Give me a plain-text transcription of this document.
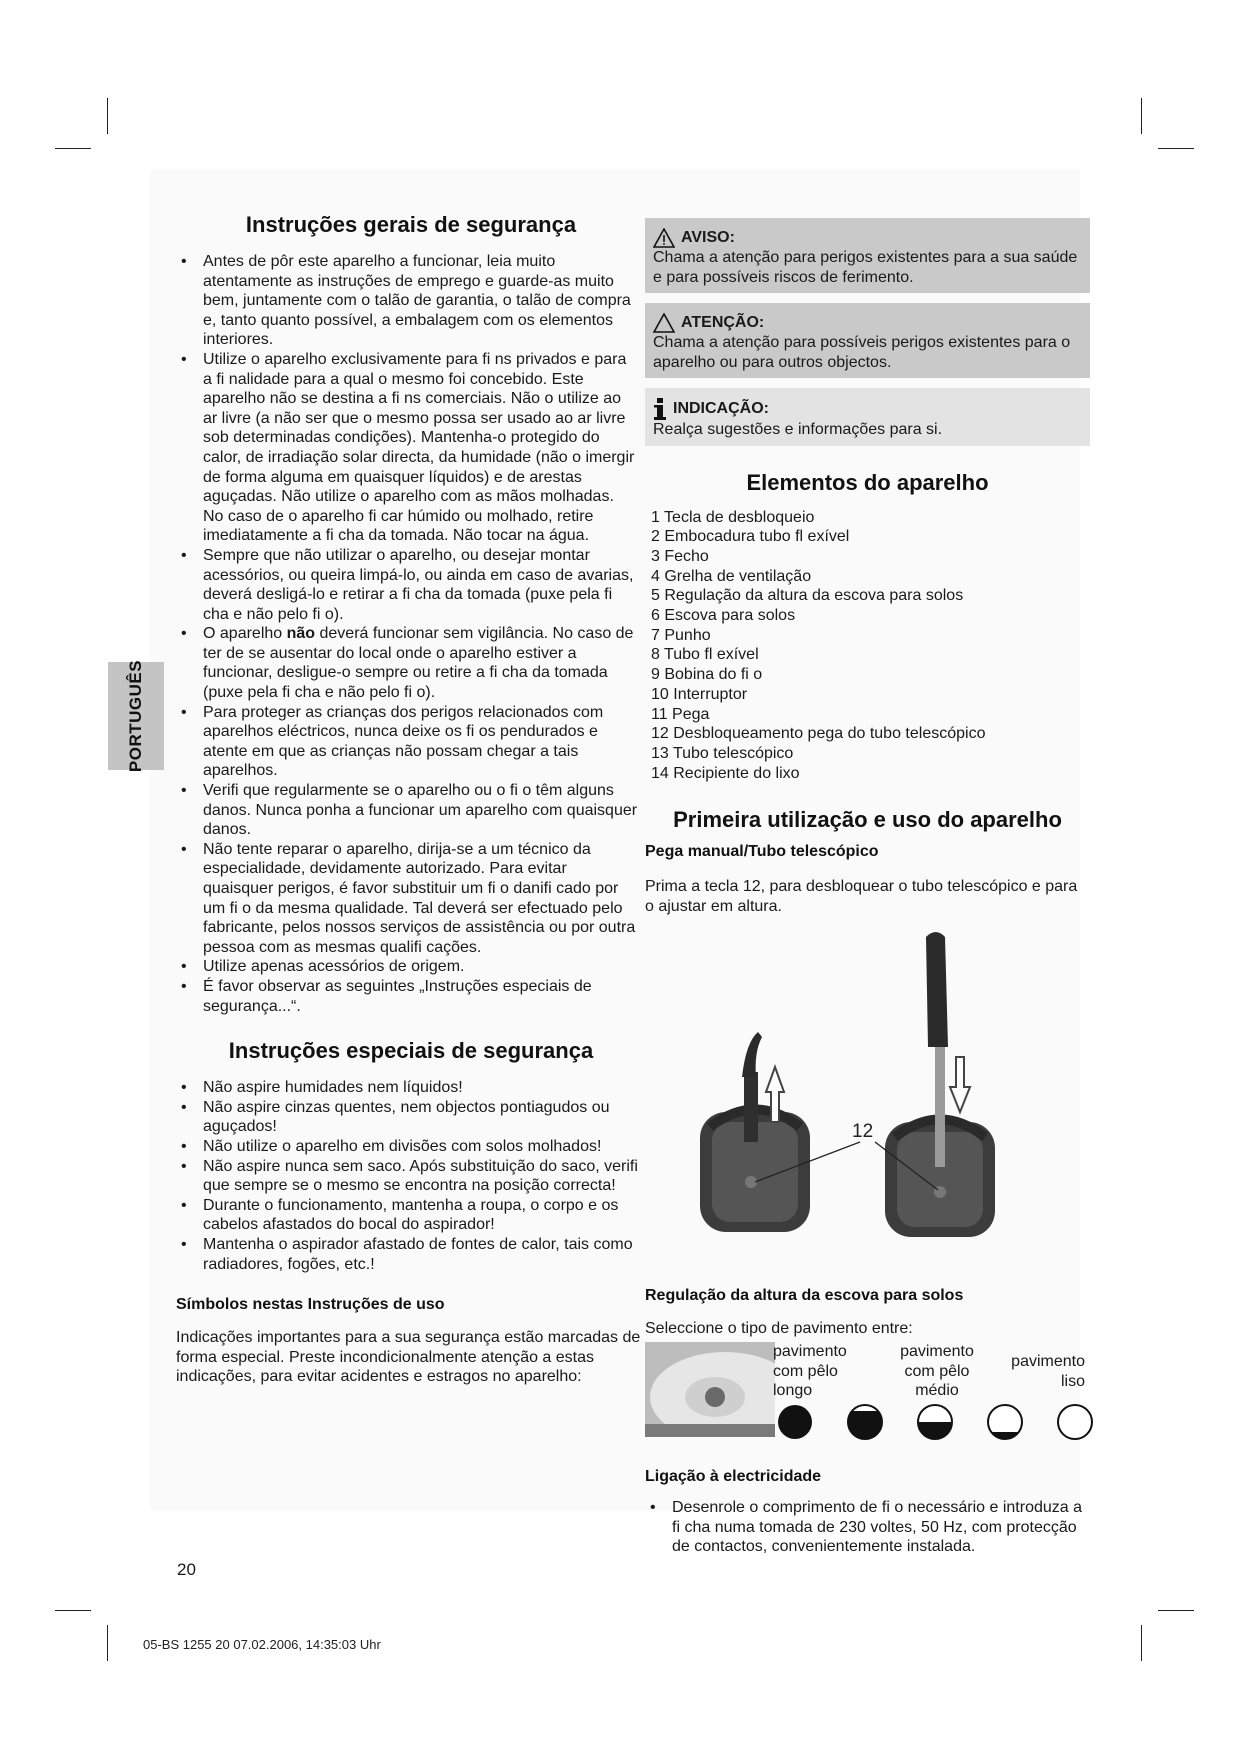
PORTUGUÊS
Instruções gerais de segurança
• Antes de pôr este aparelho a funcionar, leia muito atentamente as instruções de emprego e guarde-as muito bem, juntamente com o talão de garantia, o talão de compra e, tanto quanto possível, a embalagem com os elementos interiores.
• Utilize o aparelho exclusivamente para fi ns privados e para a fi nalidade para a qual o mesmo foi concebido. Este aparelho não se destina a fi ns comerciais. Não o utilize ao ar livre (a não ser que o mesmo possa ser usado ao ar livre sob determinadas condições). Mantenha-o protegido do calor, de irradiação solar directa, da humidade (não o imergir de forma alguma em quaisquer líquidos) e de arestas aguçadas. Não utilize o aparelho com as mãos molhadas. No caso de o aparelho fi car húmido ou molhado, retire imediatamente a fi cha da tomada. Não tocar na água.
• Sempre que não utilizar o aparelho, ou desejar montar acessórios, ou queira limpá-lo, ou ainda em caso de avarias, deverá desligá-lo e retirar a fi cha da tomada (puxe pela fi cha e não pelo fi o).
• O aparelho não deverá funcionar sem vigilância. No caso de ter de se ausentar do local onde o aparelho estiver a funcionar, desligue-o sempre ou retire a fi cha da tomada (puxe pela fi cha e não pelo fi o).
• Para proteger as crianças dos perigos relacionados com aparelhos eléctricos, nunca deixe os fi os pendurados e atente em que as crianças não possam chegar a tais aparelhos.
• Verifi que regularmente se o aparelho ou o fi o têm alguns danos. Nunca ponha a funcionar um aparelho com quaisquer danos.
• Não tente reparar o aparelho, dirija-se a um técnico da especialidade, devidamente autorizado. Para evitar quaisquer perigos, é favor substituir um fi o danifi cado por um fi o da mesma qualidade. Tal deverá ser efectuado pelo fabricante, pelos nossos serviços de assistência ou por outra pessoa com as mesmas qualifi cações.
• Utilize apenas acessórios de origem.
• É favor observar as seguintes „Instruções especiais de segurança...“.
Instruções especiais de segurança
• Não aspire humidades nem líquidos!
• Não aspire cinzas quentes, nem objectos pontiagudos ou aguçados!
• Não utilize o aparelho em divisões com solos molhados!
• Não aspire nunca sem saco. Após substituição do saco, verifi que sempre se o mesmo se encontra na posição correcta!
• Durante o funcionamento, mantenha a roupa, o corpo e os cabelos afastados do bocal do aspirador!
• Mantenha o aspirador afastado de fontes de calor, tais como radiadores, fogões, etc.!
Símbolos nestas Instruções de uso

Indicações importantes para a sua segurança estão marcadas de forma especial. Preste incondicionalmente atenção a estas indicações, para evitar acidentes e estragos no aparelho:

AVISO:
Chama a atenção para perigos existentes para a sua saúde e para possíveis riscos de ferimento.
ATENÇÃO:
Chama a atenção para possíveis perigos existentes para o aparelho ou para outros objectos.
INDICAÇÃO:
Realça sugestões e informações para si.
Elementos do aparelho
1 Tecla de desbloqueio
2 Embocadura tubo fl exível
3 Fecho
4 Grelha de ventilação
5 Regulação da altura da escova para solos
6 Escova para solos
7 Punho
8 Tubo fl exível
9 Bobina do fi o
10 Interruptor
11 Pega
12 Desbloqueamento pega do tubo telescópico
13 Tubo telescópico
14 Recipiente do lixo
Primeira utilização e uso do aparelho
Pega manual/Tubo telescópico

Prima a tecla 12, para desbloquear o tubo telescópico e para o ajustar em altura.

12
Regulação da altura da escova para solos

Seleccione o tipo de pavimento entre:

pavimento com pêlo longo
pavimento com pêlo médio
pavimento liso
Ligação à electricidade
• Desenrole o comprimento de fi o necessário e introduza a fi cha numa tomada de 230 voltes, 50 Hz, com protecção de contactos, convenientemente instalada.
20
05-BS 1255 20 07.02.2006, 14:35:03 Uhr
